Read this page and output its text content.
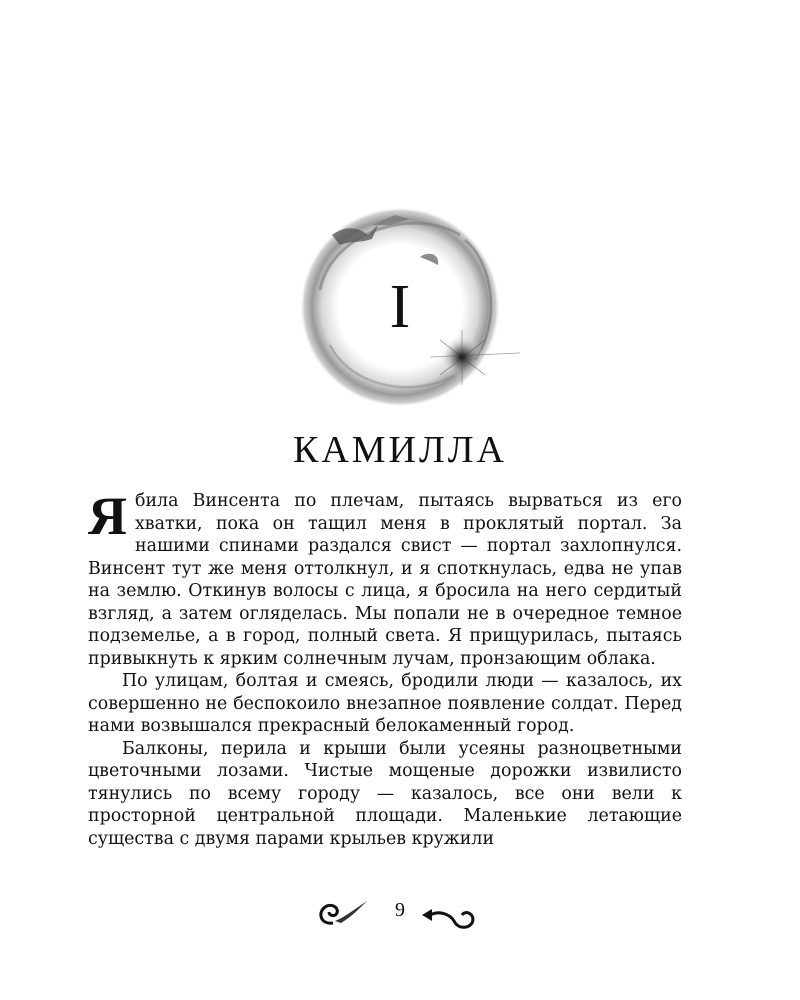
I
КАМИЛЛА

Я била Винсента по плечам, пытаясь вырваться из его хватки, пока он тащил меня в проклятый портал. За нашими спинами раздался свист — портал захлопнулся. Винсент тут же меня оттолкнул, и я споткнулась, едва не упав на землю. Откинув волосы с лица, я бросила на него сердитый взгляд, а затем огляделась. Мы попали не в очередное темное подземелье, а в город, полный света. Я прищурилась, пытаясь привыкнуть к ярким солнечным лучам, пронзающим облака.

По улицам, болтая и смеясь, бродили люди — казалось, их совершенно не беспокоило внезапное появление солдат. Перед нами возвышался прекрасный белокаменный город.

Балконы, перила и крыши были усеяны разноцветными цветочными лозами. Чистые мощеные дорожки извилисто тянулись по всему городу — казалось, все они вели к просторной центральной площади. Маленькие летающие существа с двумя парами крыльев кружили

9
